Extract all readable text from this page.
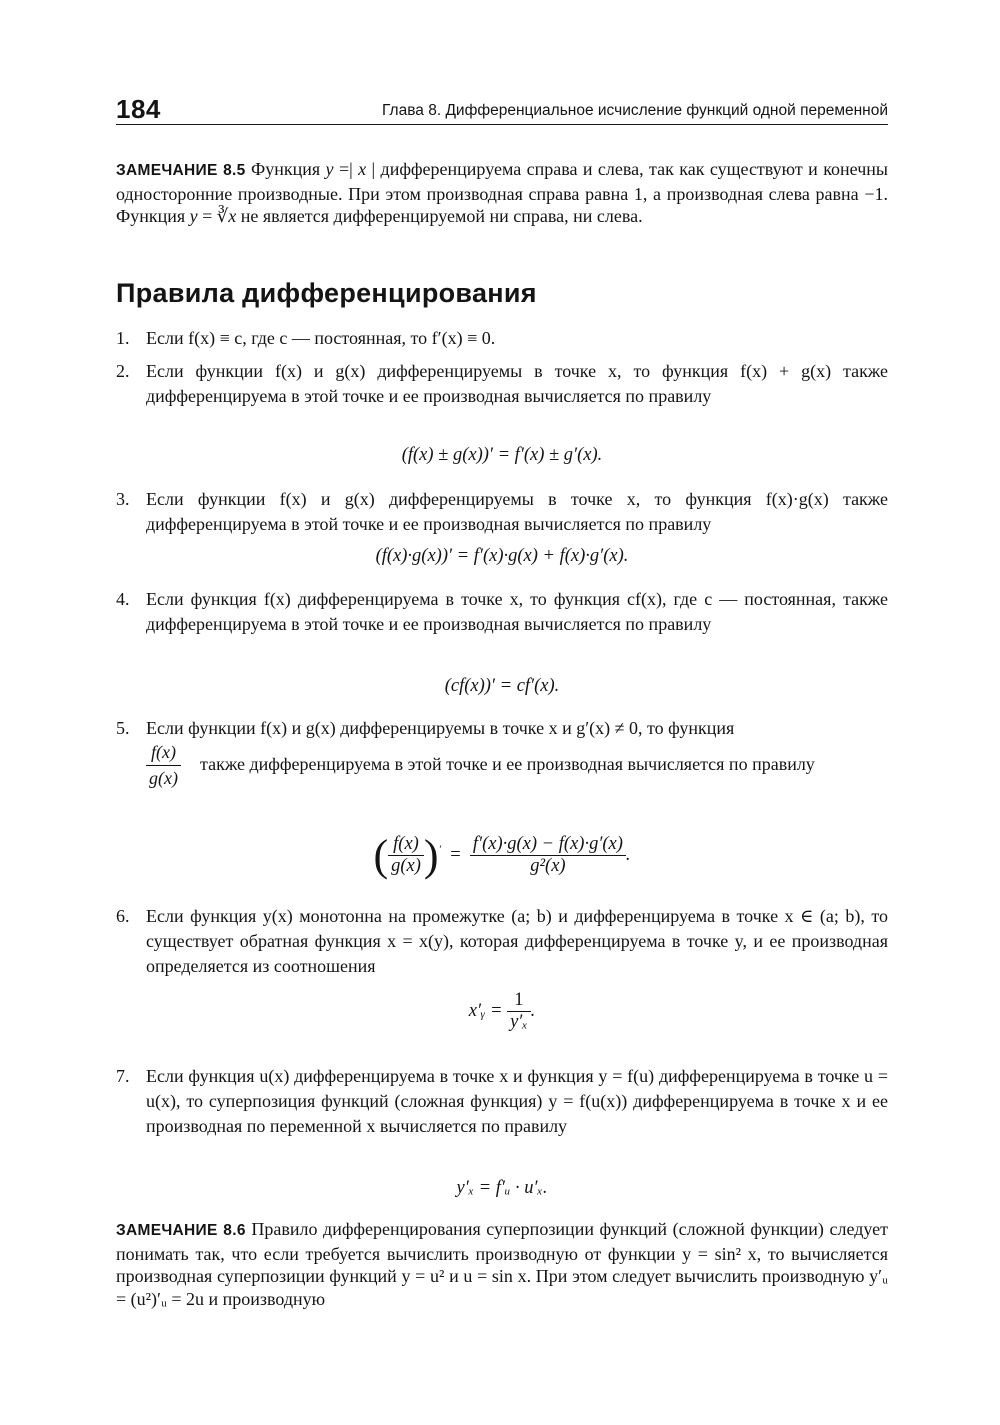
184	Глава 8. Дифференциальное исчисление функций одной переменной
ЗАМЕЧАНИЕ 8.5 Функция y =| x | дифференцируема справа и слева, так как существуют и конечны односторонние производные. При этом производная справа равна 1, а производная слева равна −1. Функция y = ∛x не является дифференцируемой ни справа, ни слева.
Правила дифференцирования
1. Если f(x) ≡ c, где c — постоянная, то f′(x) ≡ 0.
2. Если функции f(x) и g(x) дифференцируемы в точке x, то функция f(x) + g(x) также дифференцируема в этой точке и ее производная вычисляется по правилу
(f(x) ± g(x))′ = f′(x) ± g′(x).
3. Если функции f(x) и g(x) дифференцируемы в точке x, то функция f(x)·g(x) также дифференцируема в этой точке и ее производная вычисляется по правилу
(f(x)·g(x))′ = f′(x)·g(x) + f(x)·g′(x).
4. Если функция f(x) дифференцируема в точке x, то функция cf(x), где c — постоянная, также дифференцируема в этой точке и ее производная вычисляется по правилу
(cf(x))′ = cf′(x).
5. Если функции f(x) и g(x) дифференцируемы в точке x и g′(x) ≠ 0, то функция
$\frac{f(x)}{g(x)}$ также дифференцируема в этой точке и ее производная вычисляется по правилу
( $\frac{f(x)}{g(x)} )' = \frac{f'(x)\cdot g(x) - f(x)\cdot g'(x)}{\text{g²(x)}}$ .
6. Если функция y(x) монотонна на промежутке (a; b) и дифференцируема в точке x ∈ (a; b), то существует обратная функция x = x(y), которая дифференцируема в точке y, и ее производная определяется из соотношения
x′ᵧ = $\frac{1}{\text{y′ₓ}}$ .
7. Если функция u(x) дифференцируема в точке x и функция y = f(u) дифференцируема в точке u = u(x), то суперпозиция функций (сложная функция) y = f(u(x)) дифференцируема в точке x и ее производная по переменной x вычисляется по правилу
y′ₓ = f′ᵤ · u′ₓ.
ЗАМЕЧАНИЕ 8.6 Правило дифференцирования суперпозиции функций (сложной функции) следует понимать так, что если требуется вычислить производную от функции y = sin² x, то вычисляется производная суперпозиции функций y = u² и u = sin x. При этом следует вычислить производную y′ᵤ = (u²)′ᵤ = 2u и производную
